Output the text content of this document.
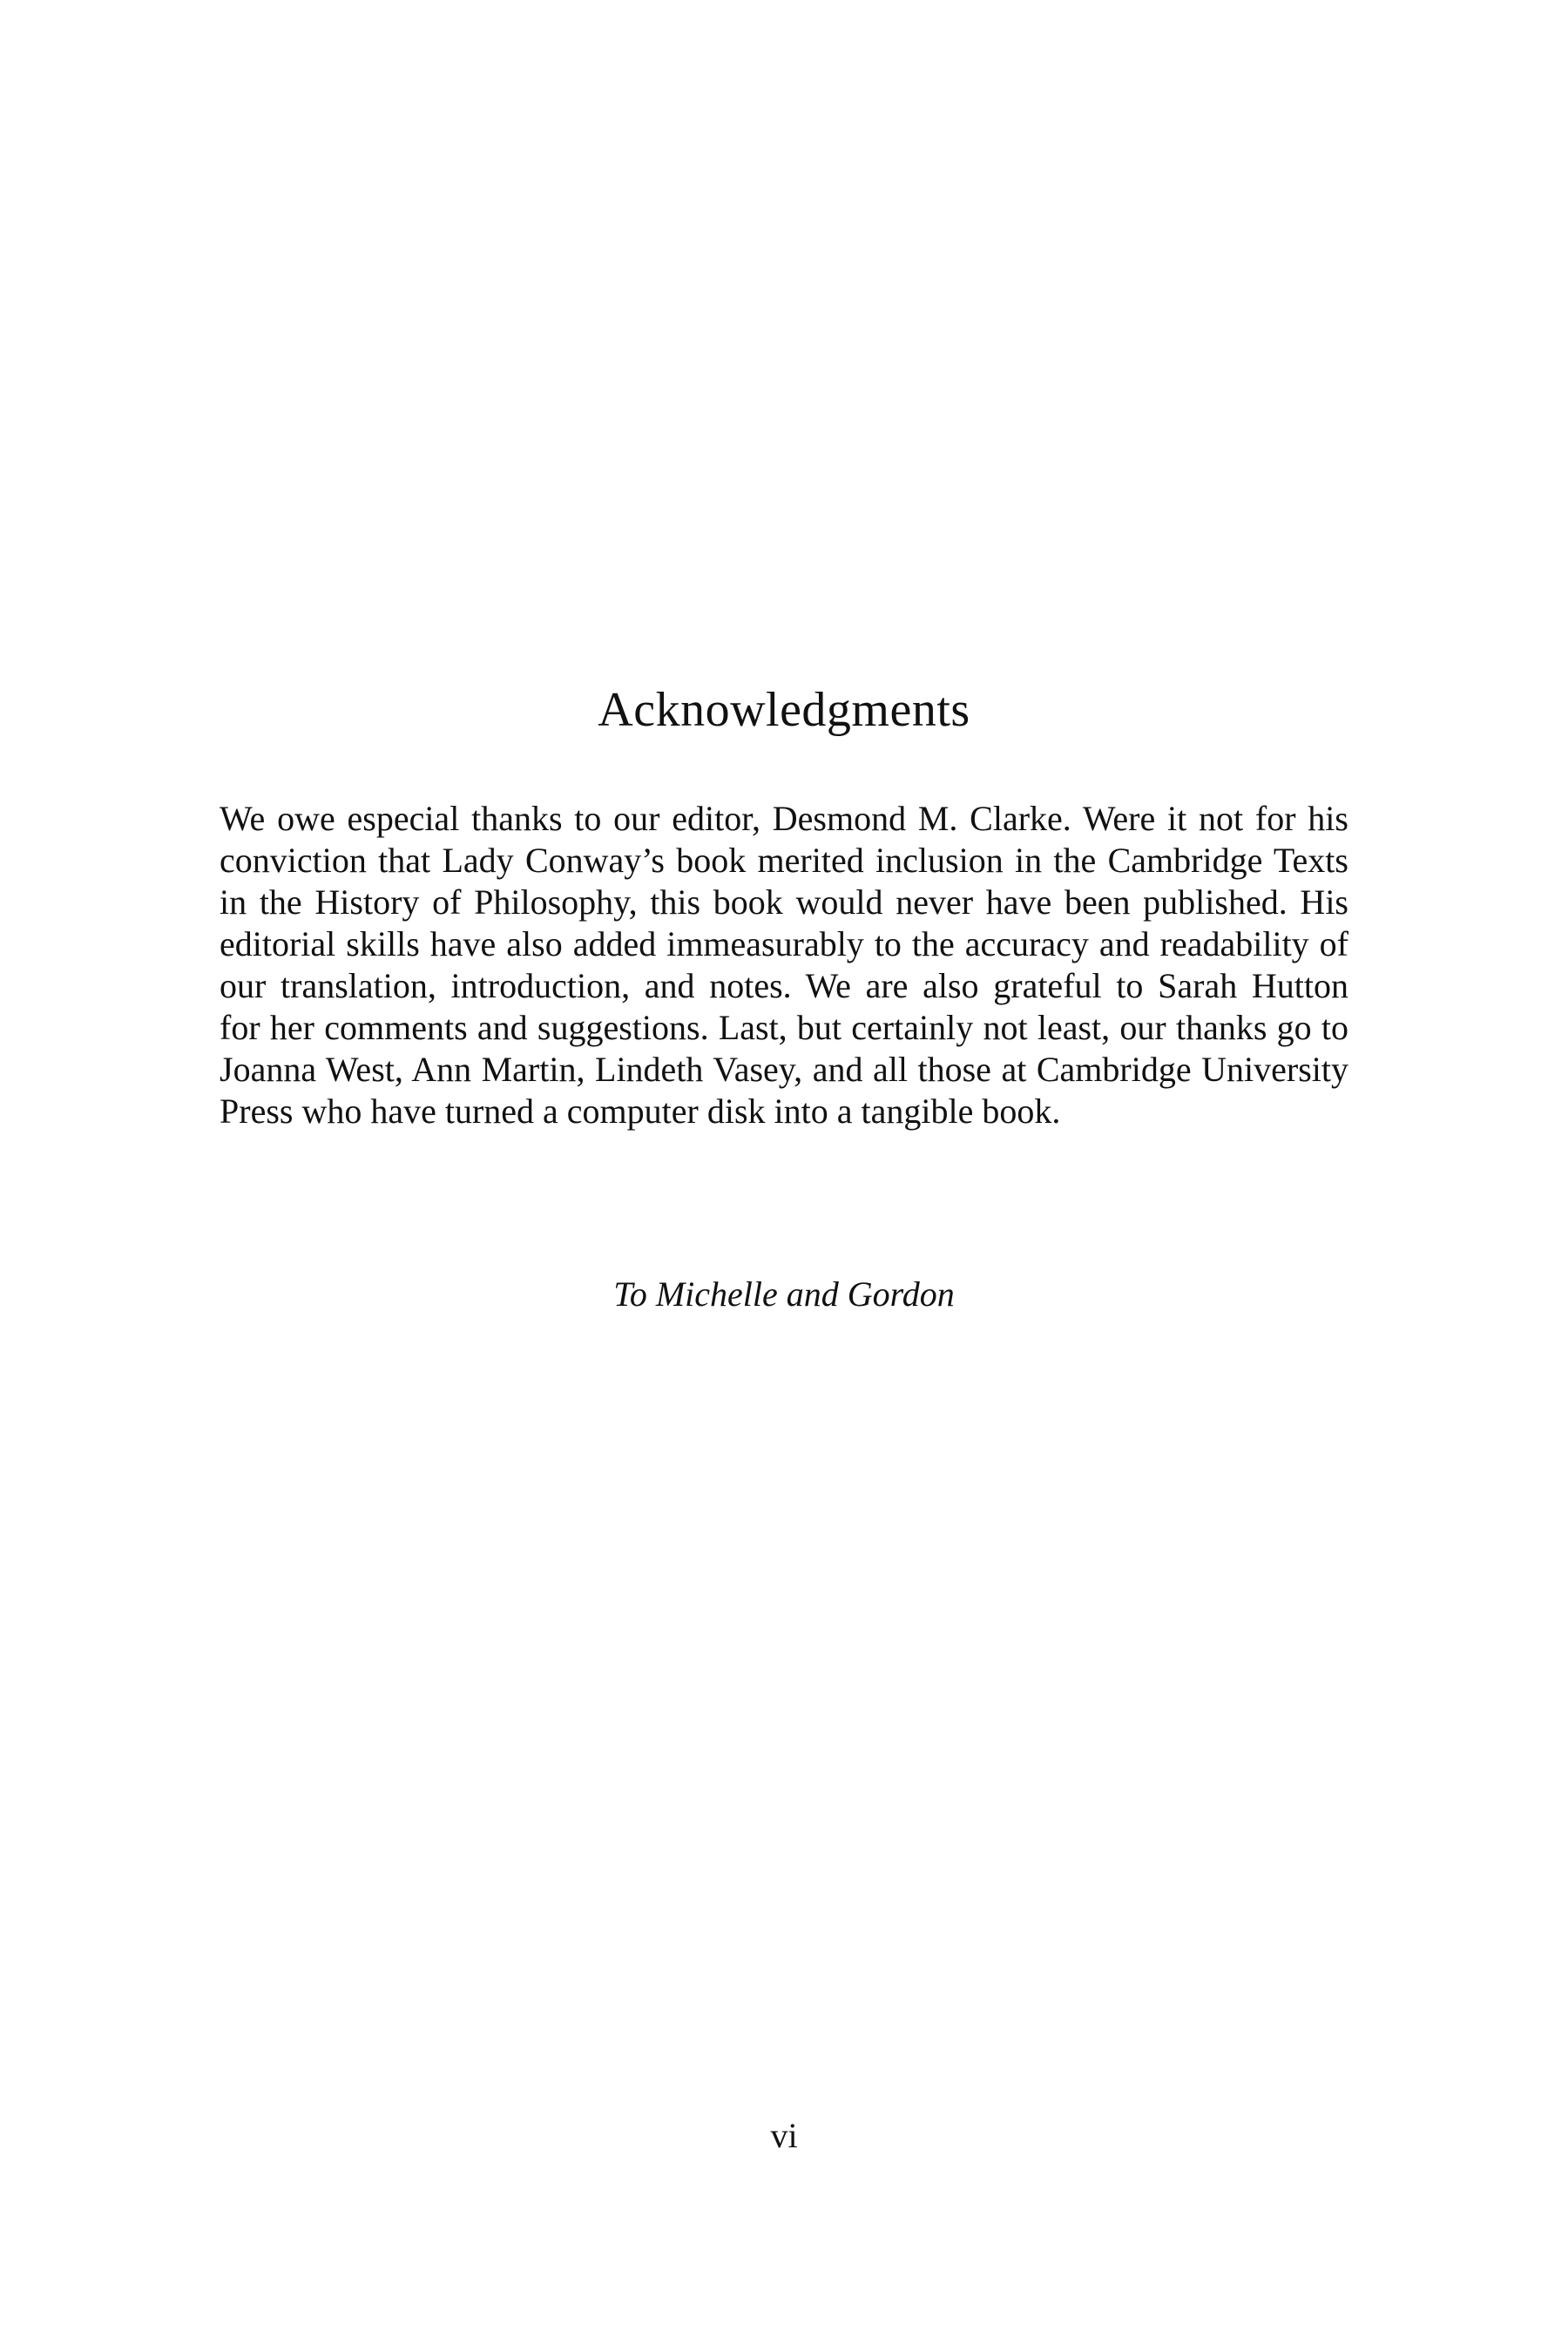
Acknowledgments
We owe especial thanks to our editor, Desmond M. Clarke. Were it not for his
conviction that Lady Conway’s book merited inclusion in the Cambridge Texts
in the History of Philosophy, this book would never have been published. His
editorial skills have also added immeasurably to the accuracy and readability of
our translation, introduction, and notes. We are also grateful to Sarah Hutton
for her comments and suggestions. Last, but certainly not least, our thanks go to
Joanna West, Ann Martin, Lindeth Vasey, and all those at Cambridge University
Press who have turned a computer disk into a tangible book.

To Michelle and Gordon

vi
